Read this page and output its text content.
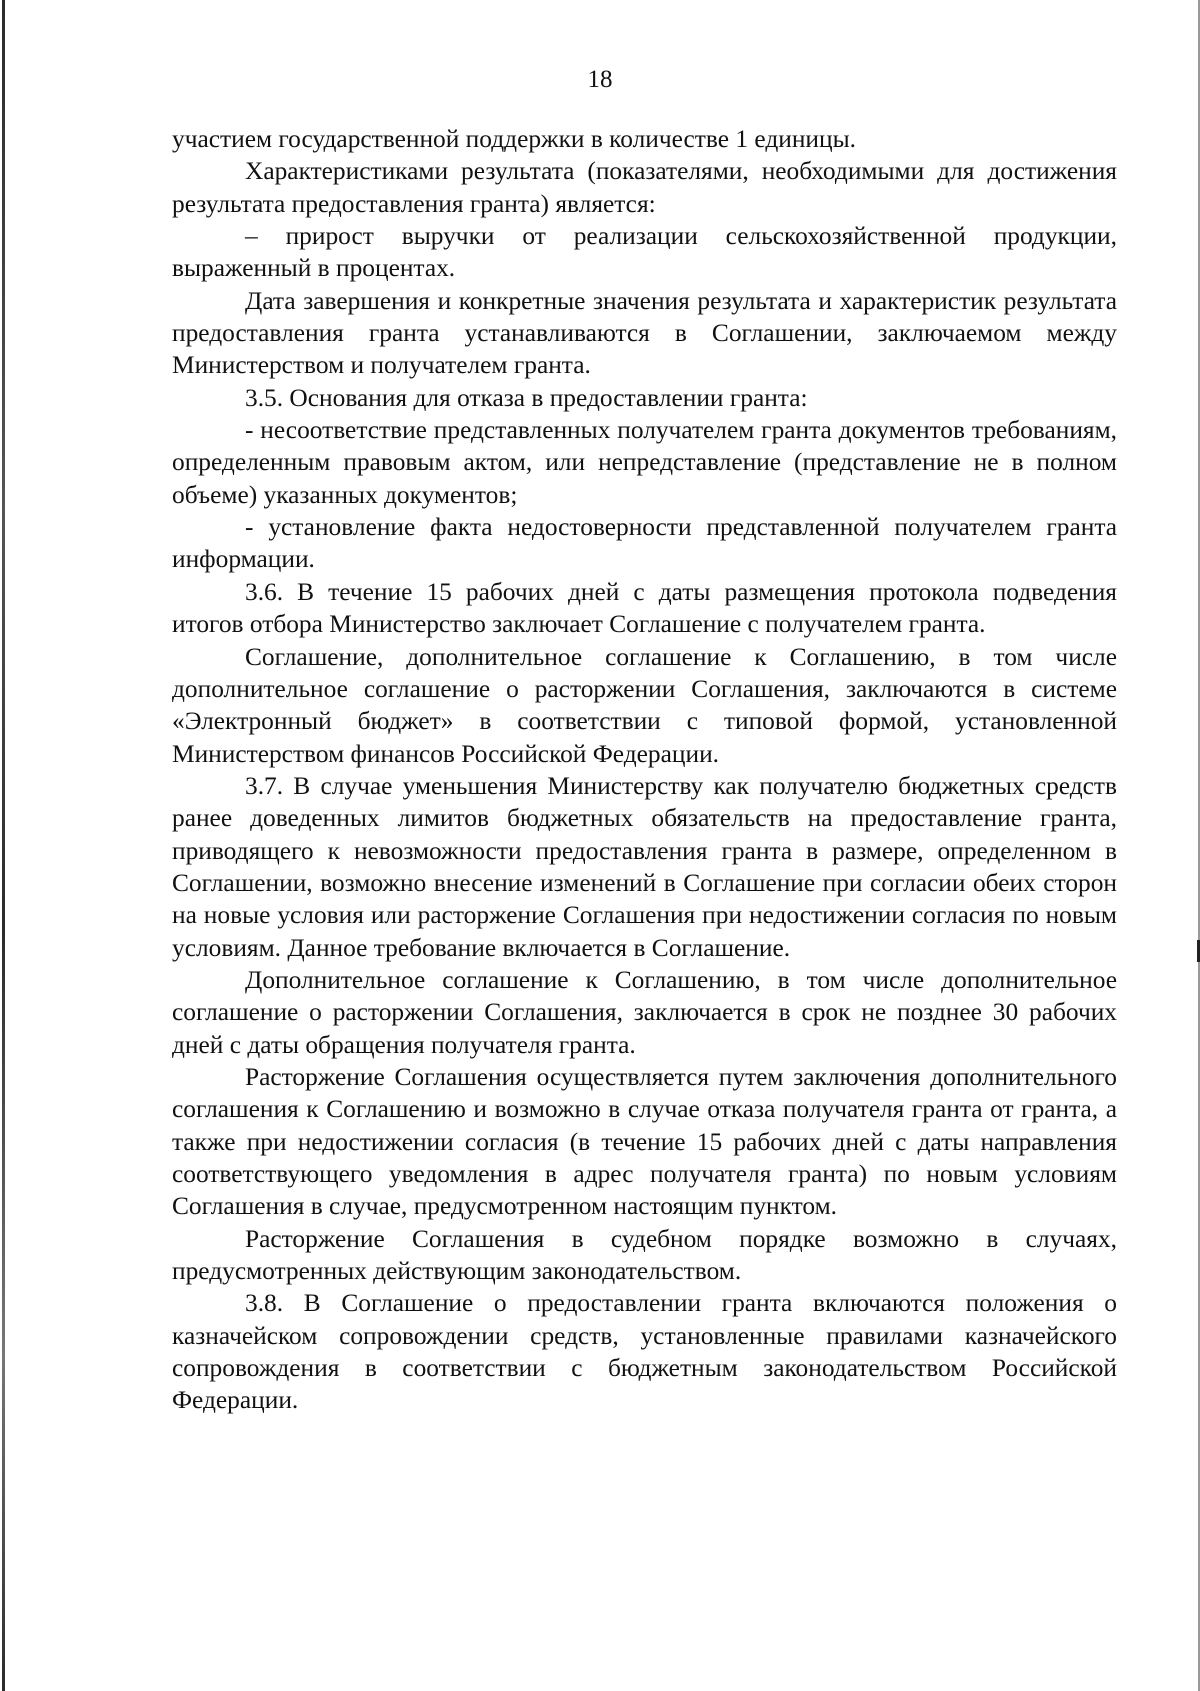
18

участием государственной поддержки в количестве 1 единицы.

Характеристиками результата (показателями, необходимыми для достижения результата предоставления гранта) является:

– прирост выручки от реализации сельскохозяйственной продукции, выраженный в процентах.

Дата завершения и конкретные значения результата и характеристик результата предоставления гранта устанавливаются в Соглашении, заключаемом между Министерством и получателем гранта.

3.5. Основания для отказа в предоставлении гранта:

- несоответствие представленных получателем гранта документов требованиям, определенным правовым актом, или непредставление (представление не в полном объеме) указанных документов;

- установление факта недостоверности представленной получателем гранта информации.

3.6. В течение 15 рабочих дней с даты размещения протокола подведения итогов отбора Министерство заключает Соглашение с получателем гранта.

Соглашение, дополнительное соглашение к Соглашению, в том числе дополнительное соглашение о расторжении Соглашения, заключаются в системе «Электронный бюджет» в соответствии с типовой формой, установленной Министерством финансов Российской Федерации.

3.7. В случае уменьшения Министерству как получателю бюджетных средств ранее доведенных лимитов бюджетных обязательств на предоставление гранта, приводящего к невозможности предоставления гранта в размере, определенном в Соглашении, возможно внесение изменений в Соглашение при согласии обеих сторон на новые условия или расторжение Соглашения при недостижении согласия по новым условиям. Данное требование включается в Соглашение.

Дополнительное соглашение к Соглашению, в том числе дополнительное соглашение о расторжении Соглашения, заключается в срок не позднее 30 рабочих дней с даты обращения получателя гранта.

Расторжение Соглашения осуществляется путем заключения дополнительного соглашения к Соглашению и возможно в случае отказа получателя гранта от гранта, а также при недостижении согласия (в течение 15 рабочих дней с даты направления соответствующего уведомления в адрес получателя гранта) по новым условиям Соглашения в случае, предусмотренном настоящим пунктом.

Расторжение Соглашения в судебном порядке возможно в случаях, предусмотренных действующим законодательством.

3.8. В Соглашение о предоставлении гранта включаются положения о казначейском сопровождении средств, установленные правилами казначейского сопровождения в соответствии с бюджетным законодательством Российской Федерации.
